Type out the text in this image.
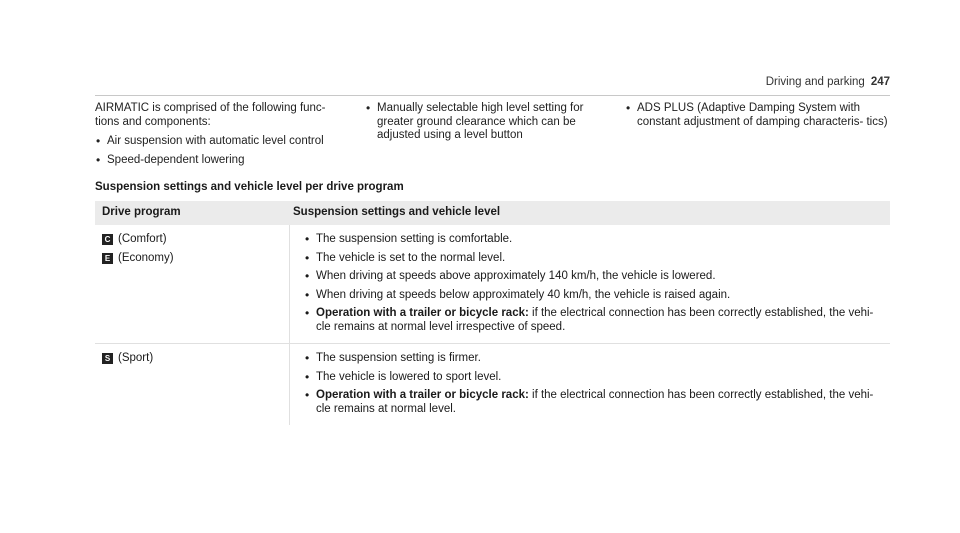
Driving and parking 247

AIRMATIC is comprised of the following func- tions and components:

• Air suspension with automatic level control
• Speed-dependent lowering
• Manually selectable high level setting for greater ground clearance which can be adjusted using a level button
• ADS PLUS (Adaptive Damping System with constant adjustment of damping characteris- tics)
Suspension settings and vehicle level per drive program
Drive program	Suspension settings and vehicle level
C (Comfort)
E (Economy)
• The suspension setting is comfortable.
• The vehicle is set to the normal level.
• When driving at speeds above approximately 140 km/h, the vehicle is lowered.
• When driving at speeds below approximately 40 km/h, the vehicle is raised again.
• Operation with a trailer or bicycle rack: if the electrical connection has been correctly established, the vehi- cle remains at normal level irrespective of speed.
S (Sport)
•	The suspension setting is firmer.
• The vehicle is lowered to sport level.
• Operation with a trailer or bicycle rack: if the electrical connection has been correctly established, the vehi- cle remains at normal level.
